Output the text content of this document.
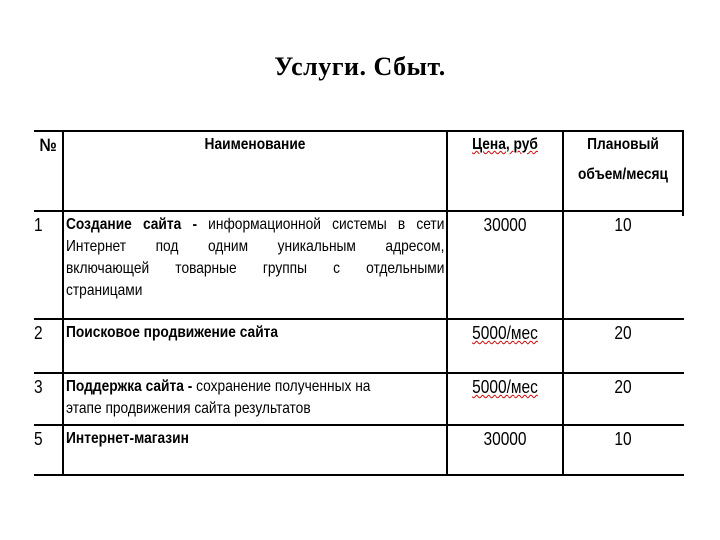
Услуги. Сбыт.
№	Наименование	Цена, руб	Плановый
объем/месяц
1 Создание сайта - информационной системы в сети
Интернет под одним уникальным адресом,
включающей товарные группы с отдельными
страницами
30000	10
2 Поисковое продвижение сайта	5000/мес	20
3 Поддержка сайта - сохранение полученных на
этапе продвижения сайта результатов
5000/мес	20
5 Интернет-магазин	30000	10
